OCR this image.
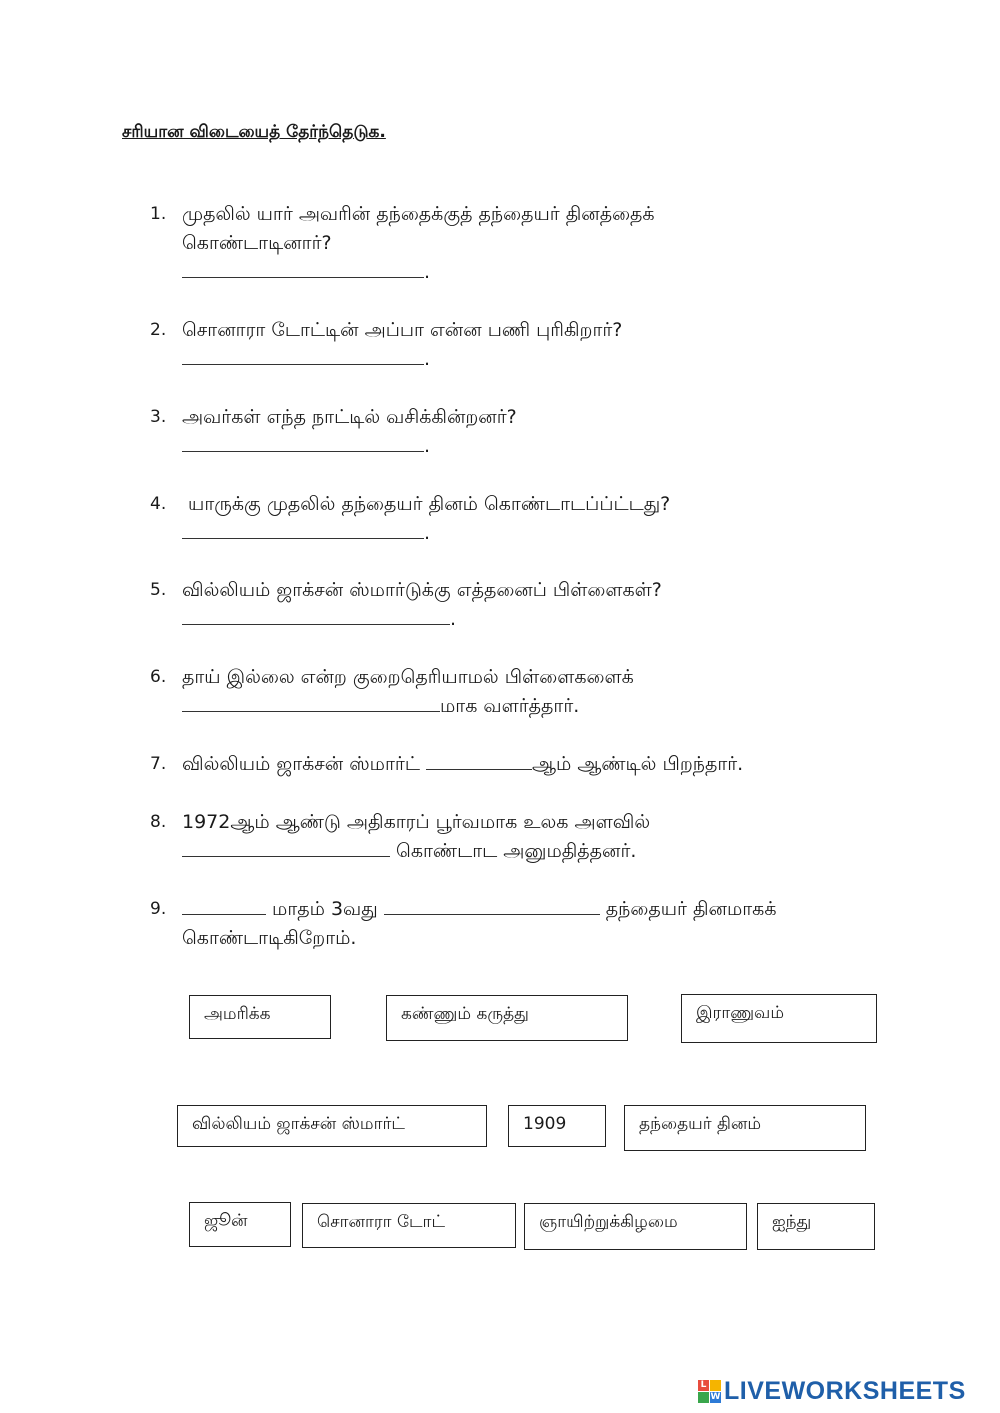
சரியான விடையைத் தேர்ந்தெடுக.
1. முதலில் யார் அவரின் தந்தைக்குத் தந்தையர் தினத்தைக்
கொண்டாடினார்?
.
2. சொனாரா டோட்டின் அப்பா என்ன பணி புரிகிறார்?
.
3. அவர்கள் எந்த நாட்டில் வசிக்கின்றனர்?
.
4. யாருக்கு முதலில் தந்தையர் தினம் கொண்டாடப்ப்ட்டது?
.
5. வில்லியம் ஜாக்சன் ஸ்மார்டுக்கு எத்தனைப் பிள்ளைகள்?
.
6. தாய் இல்லை என்ற குறைதெரியாமல் பிள்ளைகளைக்
மாக வளர்த்தார்.
7. வில்லியம் ஜாக்சன் ஸ்மார்ட்	ஆம் ஆண்டில் பிறந்தார்.
8. 1972ஆம் ஆண்டு அதிகாரப் பூர்வமாக உலக அளவில்
கொண்டாட அனுமதித்தனர்.
9.	மாதம் 3வது	தந்தையர் தினமாகக்
கொண்டாடிகிறோம்.
அமரிக்க	கண்ணும் கருத்து	இராணுவம்
வில்லியம் ஜாக்சன் ஸ்மார்ட்	1909	தந்தையர் தினம்
ஜூன்	சொனாரா டோட்	ஞாயிற்றுக்கிழமை	ஐந்து
L
W LIVEWORKSHEETS
